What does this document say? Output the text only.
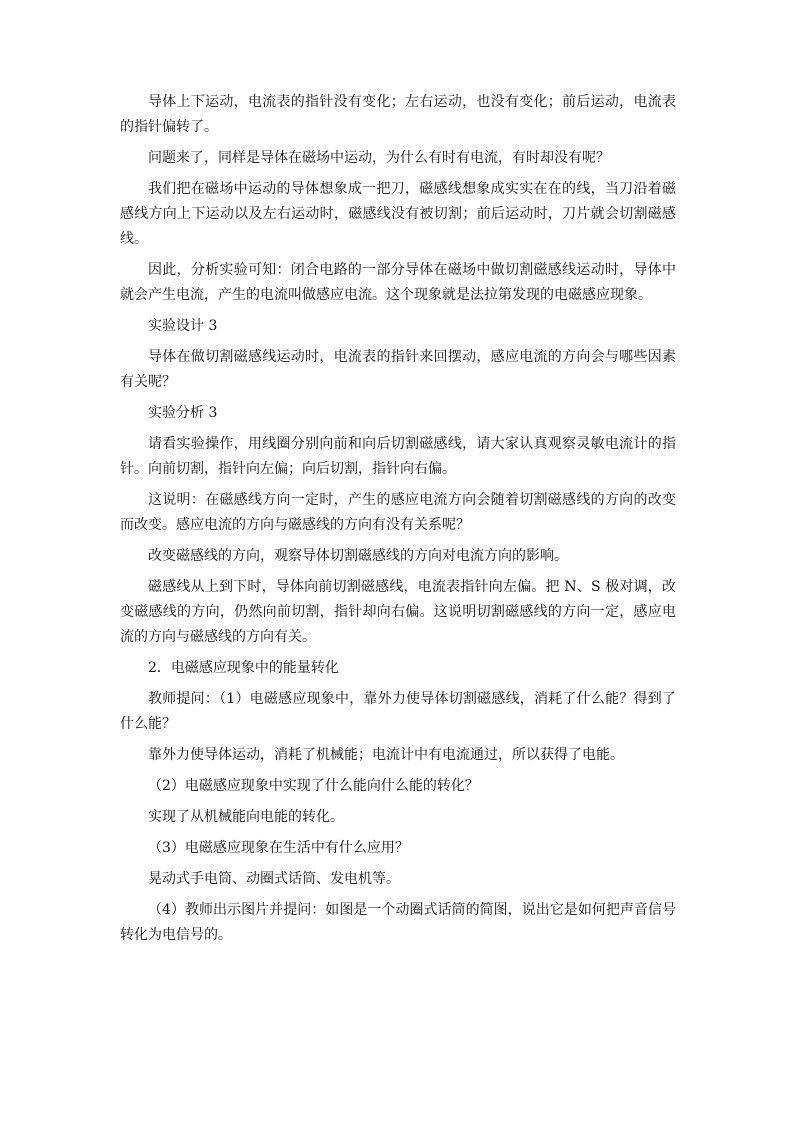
导体上下运动，电流表的指针没有变化；左右运动，也没有变化；前后运动，电流表的指针偏转了。

问题来了，同样是导体在磁场中运动，为什么有时有电流，有时却没有呢？

我们把在磁场中运动的导体想象成一把刀，磁感线想象成实实在在的线，当刀沿着磁感线方向上下运动以及左右运动时，磁感线没有被切割；前后运动时，刀片就会切割磁感线。

因此，分析实验可知：闭合电路的一部分导体在磁场中做切割磁感线运动时，导体中就会产生电流，产生的电流叫做感应电流。这个现象就是法拉第发现的电磁感应现象。

实验设计 3

导体在做切割磁感线运动时，电流表的指针来回摆动，感应电流的方向会与哪些因素有关呢？

实验分析 3

请看实验操作，用线圈分别向前和向后切割磁感线，请大家认真观察灵敏电流计的指针。向前切割，指针向左偏；向后切割，指针向右偏。

这说明：在磁感线方向一定时，产生的感应电流方向会随着切割磁感线的方向的改变而改变。感应电流的方向与磁感线的方向有没有关系呢？

改变磁感线的方向，观察导体切割磁感线的方向对电流方向的影响。

磁感线从上到下时，导体向前切割磁感线，电流表指针向左偏。把 N、S 极对调，改变磁感线的方向，仍然向前切割，指针却向右偏。这说明切割磁感线的方向一定，感应电流的方向与磁感线的方向有关。

2．电磁感应现象中的能量转化

教师提问：（1）电磁感应现象中，靠外力使导体切割磁感线，消耗了什么能？得到了什么能？

靠外力使导体运动，消耗了机械能；电流计中有电流通过，所以获得了电能。

（2）电磁感应现象中实现了什么能向什么能的转化？

实现了从机械能向电能的转化。

（3）电磁感应现象在生活中有什么应用？

晃动式手电筒、动圈式话筒、发电机等。

（4）教师出示图片并提问：如图是一个动圈式话筒的简图，说出它是如何把声音信号转化为电信号的。
